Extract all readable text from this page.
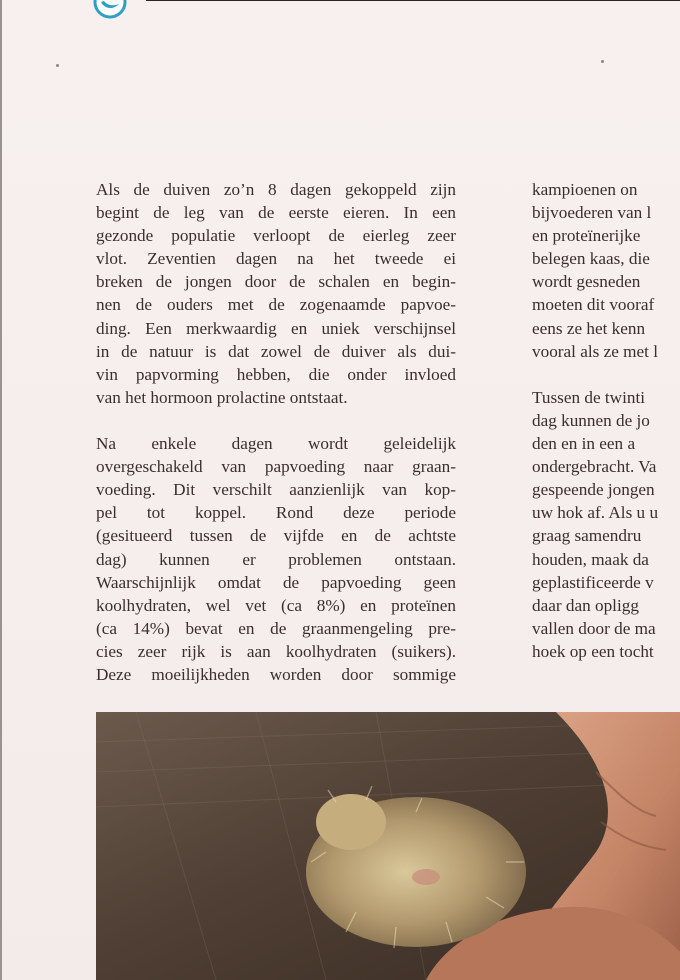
Als de duiven zo’n 8 dagen gekoppeld zijn
begint de leg van de eerste eieren. In een
gezonde populatie verloopt de eierleg zeer
vlot. Zeventien dagen na het tweede ei
breken de jongen door de schalen en begin-
nen de ouders met de zogenaamde papvoe-
ding. Een merkwaardig en uniek verschijnsel
in de natuur is dat zowel de duiver als dui-
vin papvorming hebben, die onder invloed
van het hormoon prolactine ontstaat.
Na enkele dagen wordt geleidelijk
overgeschakeld van papvoeding naar graan-
voeding. Dit verschilt aanzienlijk van kop-
pel tot koppel. Rond deze periode
(gesitueerd tussen de vijfde en de achtste
dag) kunnen er problemen ontstaan.
Waarschijnlijk omdat de papvoeding geen
koolhydraten, wel vet (ca 8%) en proteïnen
(ca 14%) bevat en de graanmengeling pre-
cies zeer rijk is aan koolhydraten (suikers).
Deze moeilijkheden worden door sommige
kampioenen on
bijvoederen van l
en proteïnerijke
belegen kaas, die
wordt gesneden
moeten dit vooraf
eens ze het kenn
vooral als ze met l
Tussen de twinti
dag kunnen de jo
den en in een a
ondergebracht. Va
gespeende jongen
uw hok af. Als u u
graag samendru
houden, maak da
geplastificeerde v
daar dan opligg
vallen door de ma
hoek op een tocht
